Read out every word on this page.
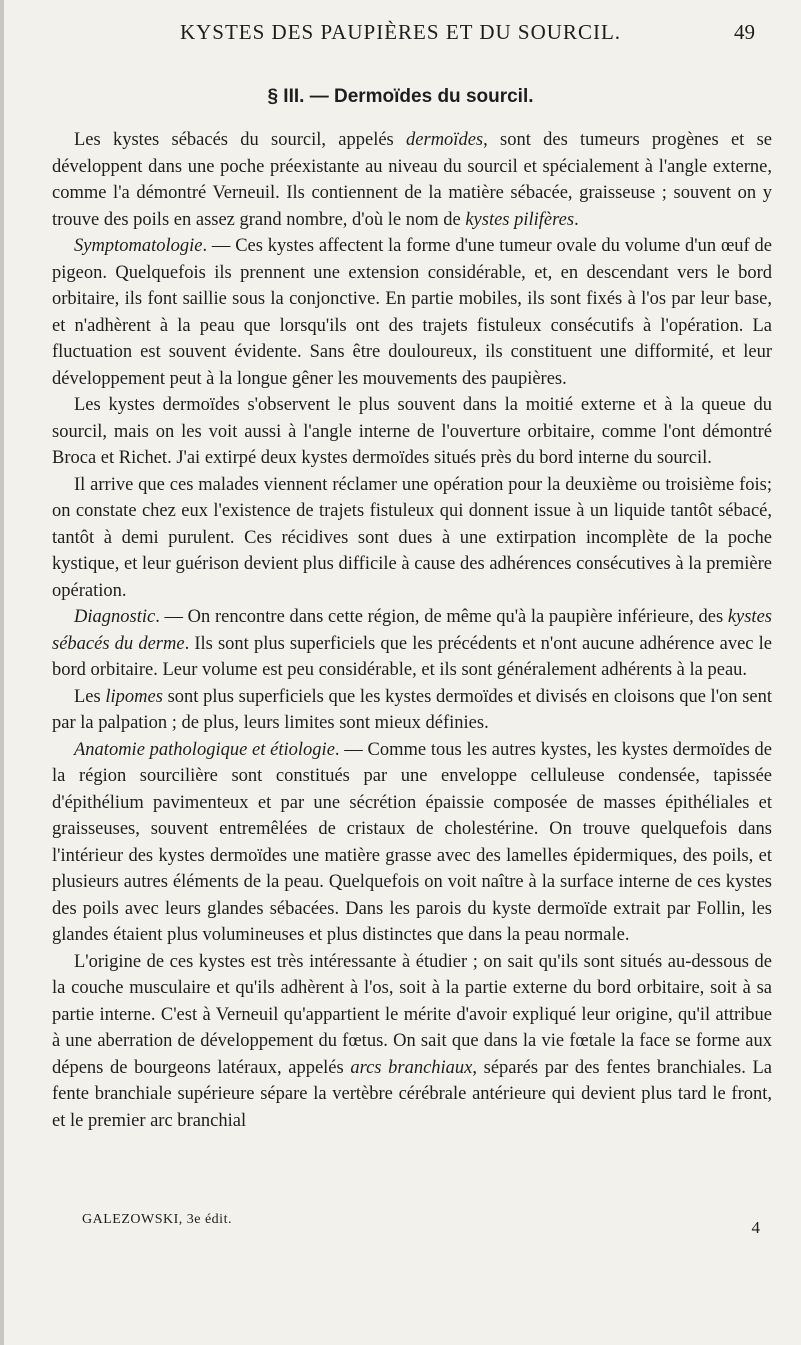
KYSTES DES PAUPIÈRES ET DU SOURCIL.	49
§ III. — Dermoïdes du sourcil.

Les kystes sébacés du sourcil, appelés dermoïdes, sont des tumeurs progènes et se développent dans une poche préexistante au niveau du sourcil et spécialement à l'angle externe, comme l'a démontré Verneuil. Ils contiennent de la matière sébacée, graisseuse ; souvent on y trouve des poils en assez grand nombre, d'où le nom de kystes pilifères.

Symptomatologie. — Ces kystes affectent la forme d'une tumeur ovale du volume d'un œuf de pigeon. Quelquefois ils prennent une extension considérable, et, en descendant vers le bord orbitaire, ils font saillie sous la conjonctive. En partie mobiles, ils sont fixés à l'os par leur base, et n'adhèrent à la peau que lorsqu'ils ont des trajets fistuleux consécutifs à l'opération. La fluctuation est souvent évidente. Sans être douloureux, ils constituent une difformité, et leur développement peut à la longue gêner les mouvements des paupières.

Les kystes dermoïdes s'observent le plus souvent dans la moitié externe et à la queue du sourcil, mais on les voit aussi à l'angle interne de l'ouverture orbitaire, comme l'ont démontré Broca et Richet. J'ai extirpé deux kystes dermoïdes situés près du bord interne du sourcil.

Il arrive que ces malades viennent réclamer une opération pour la deuxième ou troisième fois; on constate chez eux l'existence de trajets fistuleux qui donnent issue à un liquide tantôt sébacé, tantôt à demi purulent. Ces récidives sont dues à une extirpation incomplète de la poche kystique, et leur guérison devient plus difficile à cause des adhérences consécutives à la première opération.

Diagnostic. — On rencontre dans cette région, de même qu'à la paupière inférieure, des kystes sébacés du derme. Ils sont plus superficiels que les précédents et n'ont aucune adhérence avec le bord orbitaire. Leur volume est peu considérable, et ils sont généralement adhérents à la peau.

Les lipomes sont plus superficiels que les kystes dermoïdes et divisés en cloisons que l'on sent par la palpation ; de plus, leurs limites sont mieux définies.

Anatomie pathologique et étiologie. — Comme tous les autres kystes, les kystes dermoïdes de la région sourcilière sont constitués par une enveloppe celluleuse condensée, tapissée d'épithélium pavimenteux et par une sécrétion épaissie composée de masses épithéliales et graisseuses, souvent entremêlées de cristaux de cholestérine. On trouve quelquefois dans l'intérieur des kystes dermoïdes une matière grasse avec des lamelles épidermiques, des poils, et plusieurs autres éléments de la peau. Quelquefois on voit naître à la surface interne de ces kystes des poils avec leurs glandes sébacées. Dans les parois du kyste dermoïde extrait par Follin, les glandes étaient plus volumineuses et plus distinctes que dans la peau normale.

L'origine de ces kystes est très intéressante à étudier ; on sait qu'ils sont situés au-dessous de la couche musculaire et qu'ils adhèrent à l'os, soit à la partie externe du bord orbitaire, soit à sa partie interne. C'est à Verneuil qu'appartient le mérite d'avoir expliqué leur origine, qu'il attribue à une aberration de développement du fœtus. On sait que dans la vie fœtale la face se forme aux dépens de bourgeons latéraux, appelés arcs branchiaux, séparés par des fentes branchiales. La fente branchiale supérieure sépare la vertèbre cérébrale antérieure qui devient plus tard le front, et le premier arc branchial

GALEZOWSKI, 3e édit.	4
